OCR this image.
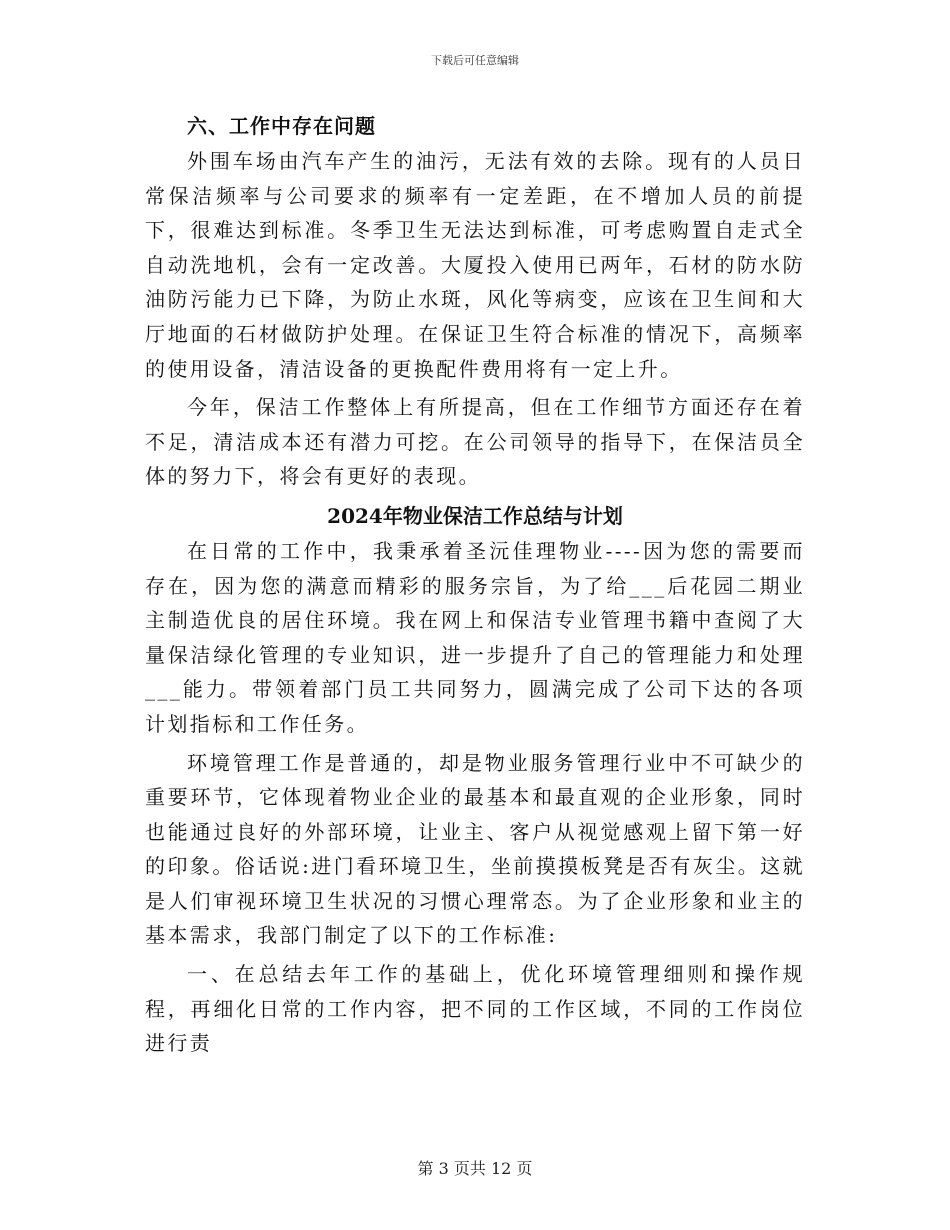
下载后可任意编辑
六、工作中存在问题

外围车场由汽车产生的油污，无法有效的去除。现有的人员日常保洁频率与公司要求的频率有一定差距，在不增加人员的前提下，很难达到标准。冬季卫生无法达到标准，可考虑购置自走式全自动洗地机，会有一定改善。大厦投入使用已两年，石材的防水防油防污能力已下降，为防止水斑，风化等病变，应该在卫生间和大厅地面的石材做防护处理。在保证卫生符合标准的情况下，高频率的使用设备，清洁设备的更换配件费用将有一定上升。

今年，保洁工作整体上有所提高，但在工作细节方面还存在着不足，清洁成本还有潜力可挖。在公司领导的指导下，在保洁员全体的努力下，将会有更好的表现。

2024年物业保洁工作总结与计划

在日常的工作中，我秉承着圣沅佳理物业----因为您的需要而存在，因为您的满意而精彩的服务宗旨，为了给___后花园二期业主制造优良的居住环境。我在网上和保洁专业管理书籍中查阅了大量保洁绿化管理的专业知识，进一步提升了自己的管理能力和处理___能力。带领着部门员工共同努力，圆满完成了公司下达的各项计划指标和工作任务。

环境管理工作是普通的，却是物业服务管理行业中不可缺少的重要环节，它体现着物业企业的最基本和最直观的企业形象，同时也能通过良好的外部环境，让业主、客户从视觉感观上留下第一好的印象。俗话说:进门看环境卫生，坐前摸摸板凳是否有灰尘。这就是人们审视环境卫生状况的习惯心理常态。为了企业形象和业主的基本需求，我部门制定了以下的工作标准:

一、在总结去年工作的基础上，优化环境管理细则和操作规程，再细化日常的工作内容，把不同的工作区域，不同的工作岗位进行责

第 3 页共 12 页
